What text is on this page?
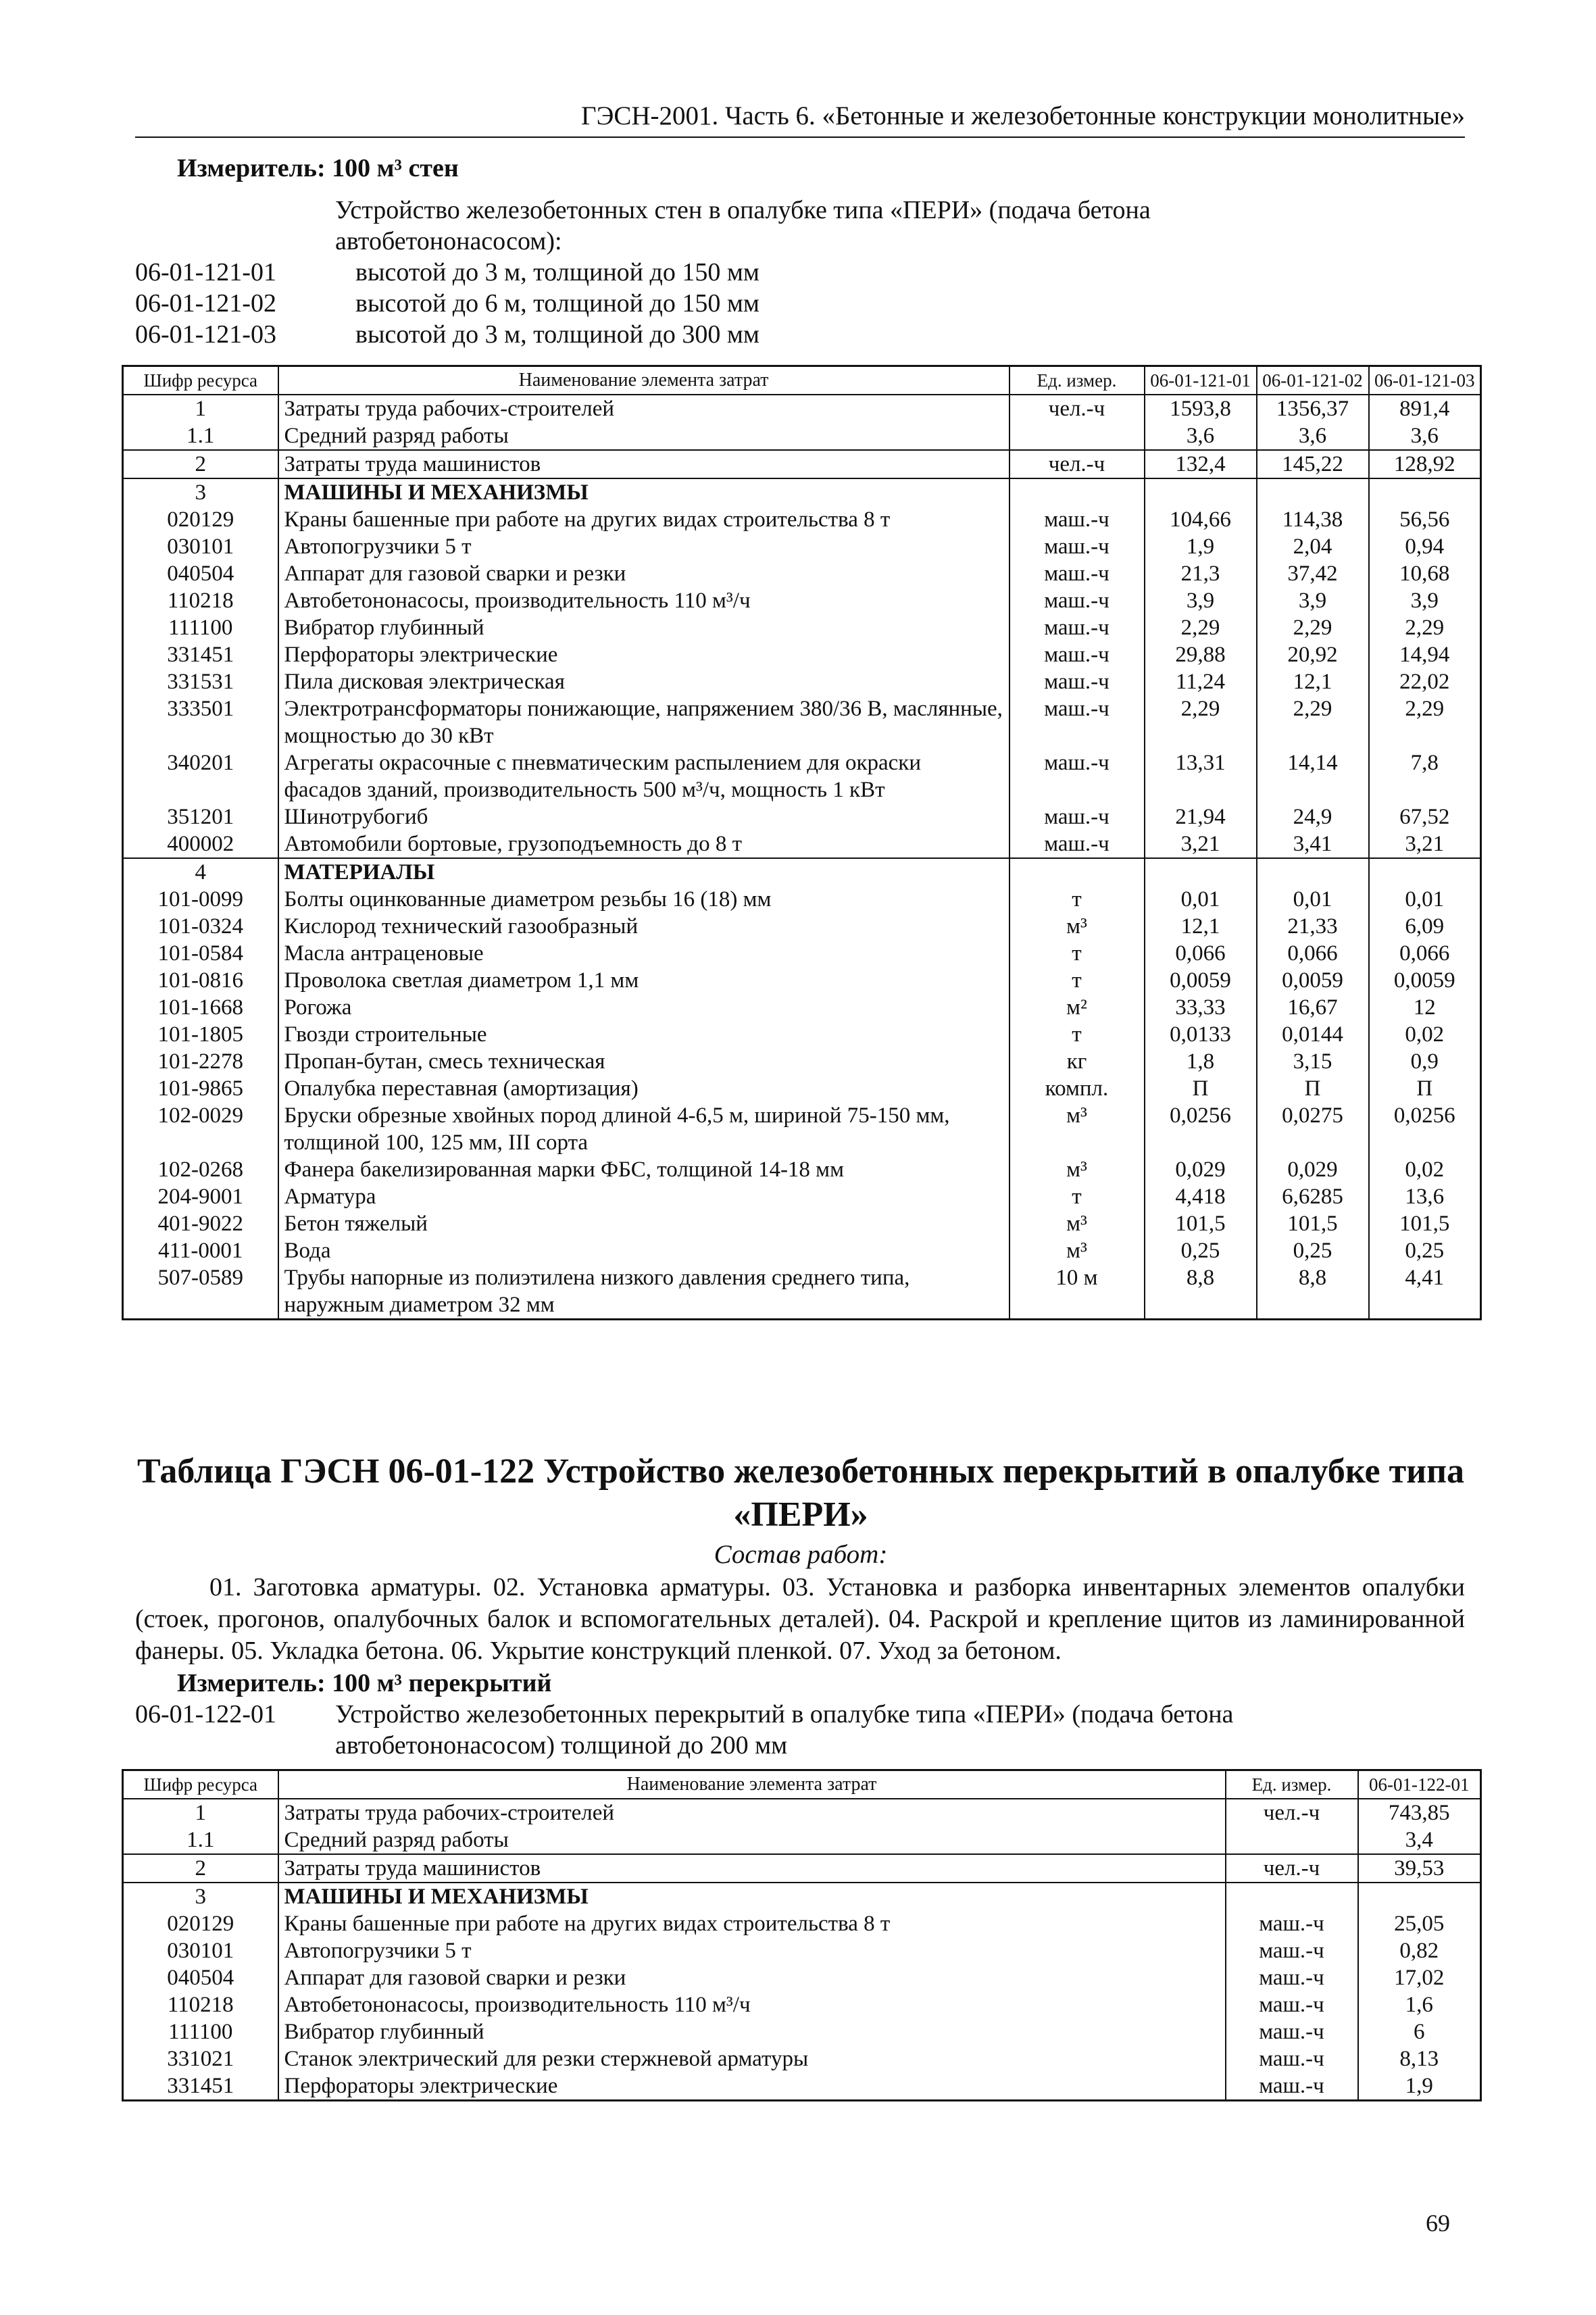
ГЭСН-2001. Часть 6. «Бетонные и железобетонные конструкции монолитные»
Измеритель: 100 м³ стен
Устройство железобетонных стен в опалубке типа «ПЕРИ» (подача бетона
автобетононасосом):
06-01-121-01	высотой до 3 м, толщиной до 150 мм
06-01-121-02	высотой до 6 м, толщиной до 150 мм
06-01-121-03	высотой до 3 м, толщиной до 300 мм
Шифр ресурса	Наименование элемента затрат	Ед. измер.	06-01-121-01	06-01-121-02	06-01-121-03
1	Затраты труда рабочих-строителей	чел.-ч	1593,8	1356,37	891,4
1.1	Средний разряд работы		3,6	3,6	3,6
2	Затраты труда машинистов	чел.-ч	132,4	145,22	128,92
3	МАШИНЫ И МЕХАНИЗМЫ				
020129	Краны башенные при работе на других видах строительства 8 т	маш.-ч	104,66	114,38	56,56
030101	Автопогрузчики 5 т	маш.-ч	1,9	2,04	0,94
040504	Аппарат для газовой сварки и резки	маш.-ч	21,3	37,42	10,68
110218	Автобетононасосы, производительность 110 м³/ч	маш.-ч	3,9	3,9	3,9
111100	Вибратор глубинный	маш.-ч	2,29	2,29	2,29
331451	Перфораторы электрические	маш.-ч	29,88	20,92	14,94
331531	Пила дисковая электрическая	маш.-ч	11,24	12,1	22,02
333501	Электротрансформаторы понижающие, напряжением 380/36 В, маслянные, мощностью до 30 кВт	маш.-ч	2,29	2,29	2,29
340201	Агрегаты окрасочные с пневматическим распылением для окраски фасадов зданий, производительность 500 м³/ч, мощность 1 кВт	маш.-ч	13,31	14,14	7,8
351201	Шинотрубогиб	маш.-ч	21,94	24,9	67,52
400002	Автомобили бортовые, грузоподъемность до 8 т	маш.-ч	3,21	3,41	3,21
4	МАТЕРИАЛЫ				
101-0099	Болты оцинкованные диаметром резьбы 16 (18) мм	т	0,01	0,01	0,01
101-0324	Кислород технический газообразный	м³	12,1	21,33	6,09
101-0584	Масла антраценовые	т	0,066	0,066	0,066
101-0816	Проволока светлая диаметром 1,1 мм	т	0,0059	0,0059	0,0059
101-1668	Рогожа	м²	33,33	16,67	12
101-1805	Гвозди строительные	т	0,0133	0,0144	0,02
101-2278	Пропан-бутан, смесь техническая	кг	1,8	3,15	0,9
101-9865	Опалубка переставная (амортизация)	компл.	П	П	П
102-0029	Бруски обрезные хвойных пород длиной 4-6,5 м, шириной 75-150 мм, толщиной 100, 125 мм, III сорта	м³	0,0256	0,0275	0,0256
102-0268	Фанера бакелизированная марки ФБС, толщиной 14-18 мм	м³	0,029	0,029	0,02
204-9001	Арматура	т	4,418	6,6285	13,6
401-9022	Бетон тяжелый	м³	101,5	101,5	101,5
411-0001	Вода	м³	0,25	0,25	0,25
507-0589	Трубы напорные из полиэтилена низкого давления среднего типа, наружным диаметром 32 мм	10 м	8,8	8,8	4,41
Таблица ГЭСН 06-01-122 Устройство железобетонных перекрытий в опалубке типа «ПЕРИ»
Состав работ:
01. Заготовка арматуры. 02. Установка арматуры. 03. Установка и разборка инвентарных элементов опалубки (стоек, прогонов, опалубочных балок и вспомогательных деталей). 04. Раскрой и крепление щитов из ламинированной фанеры. 05. Укладка бетона. 06. Укрытие конструкций пленкой. 07. Уход за бетоном.
Измеритель: 100 м³ перекрытий
06-01-122-01 Устройство железобетонных перекрытий в опалубке типа «ПЕРИ» (подача бетона автобетононасосом) толщиной до 200 мм
Шифр ресурса	Наименование элемента затрат	Ед. измер.	06-01-122-01
1	Затраты труда рабочих-строителей	чел.-ч	743,85
1.1	Средний разряд работы		3,4
2	Затраты труда машинистов	чел.-ч	39,53
3	МАШИНЫ И МЕХАНИЗМЫ		
020129	Краны башенные при работе на других видах строительства 8 т	маш.-ч	25,05
030101	Автопогрузчики 5 т	маш.-ч	0,82
040504	Аппарат для газовой сварки и резки	маш.-ч	17,02
110218	Автобетононасосы, производительность 110 м³/ч	маш.-ч	1,6
111100	Вибратор глубинный	маш.-ч	6
331021	Станок электрический для резки стержневой арматуры	маш.-ч	8,13
331451	Перфораторы электрические	маш.-ч	1,9
69
